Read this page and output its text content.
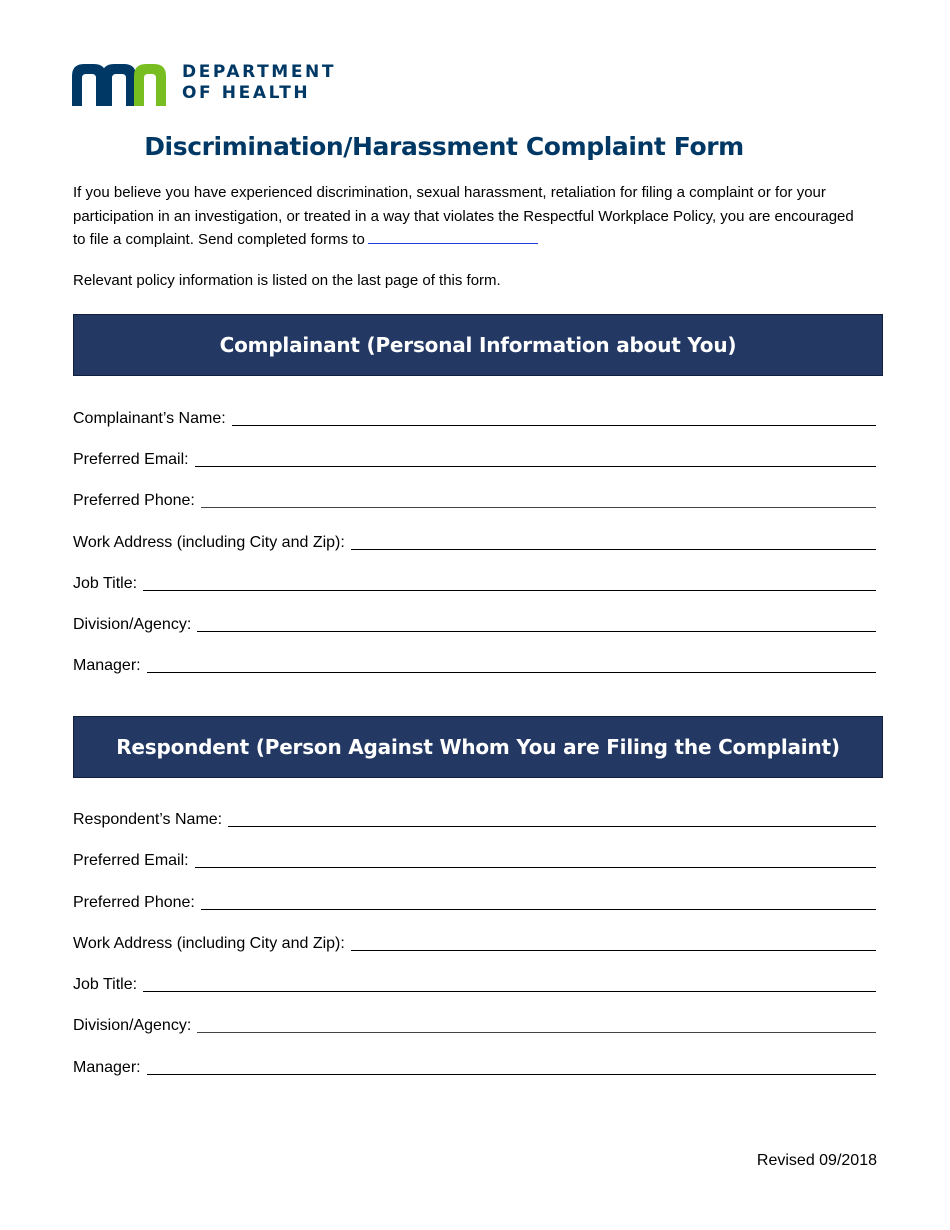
DEPARTMENT
OF HEALTH
Discrimination/Harassment Complaint Form
If you believe you have experienced discrimination, sexual harassment, retaliation for filing a complaint or for your participation in an investigation, or treated in a way that violates the Respectful Workplace Policy, you are encouraged to file a complaint. Send completed forms to
Relevant policy information is listed on the last page of this form.
Complainant (Personal Information about You)
Complainant’s Name:
Preferred Email:
Preferred Phone:
Work Address (including City and Zip):
Job Title:
Division/Agency:
Manager:
Respondent (Person Against Whom You are Filing the Complaint)
Respondent’s Name:
Preferred Email:
Preferred Phone:
Work Address (including City and Zip):
Job Title:
Division/Agency:
Manager:
Revised 09/2018
